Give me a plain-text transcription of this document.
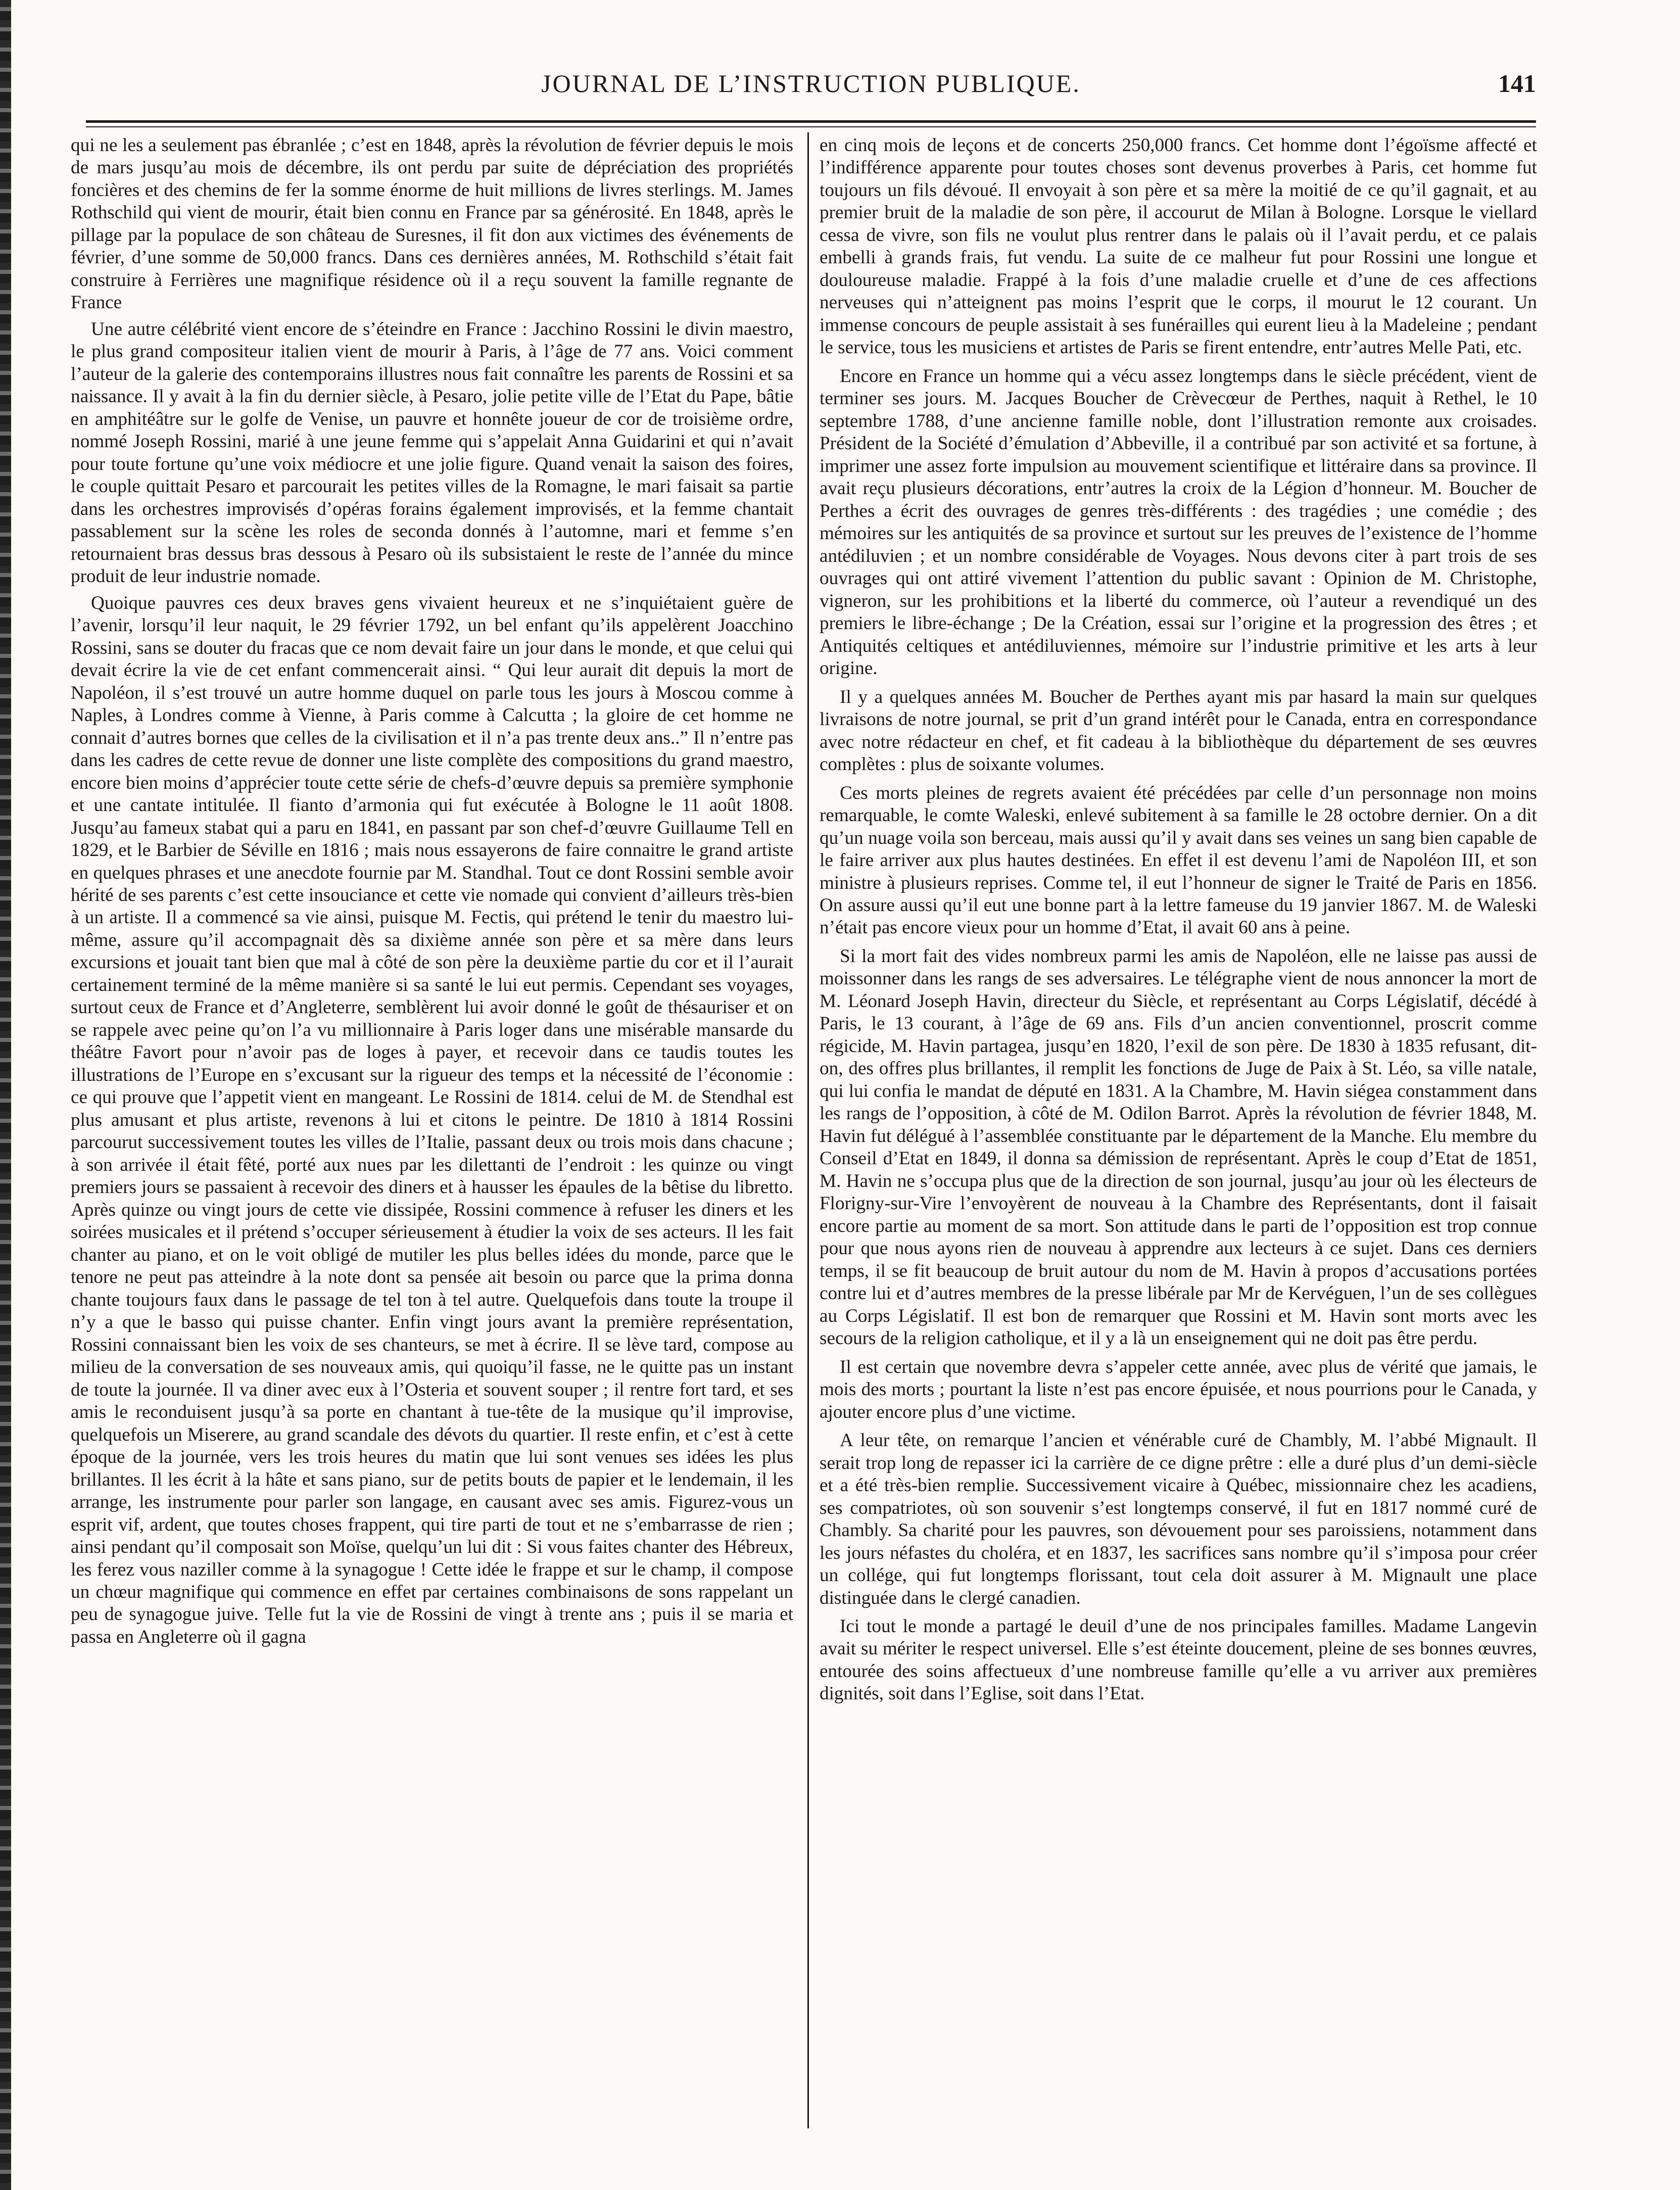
JOURNAL DE L’INSTRUCTION PUBLIQUE.	141

qui ne les a seulement pas ébranlée ; c’est en 1848, après la révolution de février depuis le mois de mars jusqu’au mois de décembre, ils ont perdu par suite de dépréciation des propriétés foncières et des chemins de fer la somme énorme de huit millions de livres sterlings. M. James Rothschild qui vient de mourir, était bien connu en France par sa générosité. En 1848, après le pillage par la populace de son château de Suresnes, il fit don aux victimes des événements de février, d’une somme de 50,000 francs. Dans ces dernières années, M. Rothschild s’était fait construire à Ferrières une magnifique résidence où il a reçu souvent la famille regnante de France

Une autre célébrité vient encore de s’éteindre en France : Jacchino Rossini le divin maestro, le plus grand compositeur italien vient de mourir à Paris, à l’âge de 77 ans. Voici comment l’auteur de la galerie des contemporains illustres nous fait connaître les parents de Rossini et sa naissance. Il y avait à la fin du dernier siècle, à Pesaro, jolie petite ville de l’Etat du Pape, bâtie en amphitéâtre sur le golfe de Venise, un pauvre et honnête joueur de cor de troisième ordre, nommé Joseph Rossini, marié à une jeune femme qui s’appelait Anna Guidarini et qui n’avait pour toute fortune qu’une voix médiocre et une jolie figure. Quand venait la saison des foires, le couple quittait Pesaro et parcourait les petites villes de la Romagne, le mari faisait sa partie dans les orchestres improvisés d’opéras forains également improvisés, et la femme chantait passablement sur la scène les roles de seconda donnés à l’automne, mari et femme s’en retournaient bras dessus bras dessous à Pesaro où ils subsistaient le reste de l’année du mince produit de leur industrie nomade.

Quoique pauvres ces deux braves gens vivaient heureux et ne s’inquiétaient guère de l’avenir, lorsqu’il leur naquit, le 29 février 1792, un bel enfant qu’ils appelèrent Joacchino Rossini, sans se douter du fracas que ce nom devait faire un jour dans le monde, et que celui qui devait écrire la vie de cet enfant commencerait ainsi. “ Qui leur aurait dit depuis la mort de Napoléon, il s’est trouvé un autre homme duquel on parle tous les jours à Moscou comme à Naples, à Londres comme à Vienne, à Paris comme à Calcutta ; la gloire de cet homme ne connait d’autres bornes que celles de la civilisation et il n’a pas trente deux ans..” Il n’entre pas dans les cadres de cette revue de donner une liste complète des compositions du grand maestro, encore bien moins d’apprécier toute cette série de chefs-d’œuvre depuis sa première symphonie et une cantate intitulée. Il fianto d’armonia qui fut exécutée à Bologne le 11 août 1808. Jusqu’au fameux stabat qui a paru en 1841, en passant par son chef-d’œuvre Guillaume Tell en 1829, et le Barbier de Séville en 1816 ; mais nous essayerons de faire connaitre le grand artiste en quelques phrases et une anecdote fournie par M. Standhal. Tout ce dont Rossini semble avoir hérité de ses parents c’est cette insouciance et cette vie nomade qui convient d’ailleurs très-bien à un artiste. Il a commencé sa vie ainsi, puisque M. Fectis, qui prétend le tenir du maestro lui-même, assure qu’il accompagnait dès sa dixième année son père et sa mère dans leurs excursions et jouait tant bien que mal à côté de son père la deuxième partie du cor et il l’aurait certainement terminé de la même manière si sa santé le lui eut permis. Cependant ses voyages, surtout ceux de France et d’Angleterre, semblèrent lui avoir donné le goût de thésauriser et on se rappele avec peine qu’on l’a vu millionnaire à Paris loger dans une misérable mansarde du théâtre Favort pour n’avoir pas de loges à payer, et recevoir dans ce taudis toutes les illustrations de l’Europe en s’excusant sur la rigueur des temps et la nécessité de l’économie : ce qui prouve que l’appetit vient en mangeant. Le Rossini de 1814. celui de M. de Stendhal est plus amusant et plus artiste, revenons à lui et citons le peintre. De 1810 à 1814 Rossini parcourut successivement toutes les villes de l’Italie, passant deux ou trois mois dans chacune ; à son arrivée il était fêté, porté aux nues par les dilettanti de l’endroit : les quinze ou vingt premiers jours se passaient à recevoir des diners et à hausser les épaules de la bêtise du libretto. Après quinze ou vingt jours de cette vie dissipée, Rossini commence à refuser les diners et les soirées musicales et il prétend s’occuper sérieusement à étudier la voix de ses acteurs. Il les fait chanter au piano, et on le voit obligé de mutiler les plus belles idées du monde, parce que le tenore ne peut pas atteindre à la note dont sa pensée ait besoin ou parce que la prima donna chante toujours faux dans le passage de tel ton à tel autre. Quelquefois dans toute la troupe il n’y a que le basso qui puisse chanter. Enfin vingt jours avant la première représentation, Rossini connaissant bien les voix de ses chanteurs, se met à écrire. Il se lève tard, compose au milieu de la conversation de ses nouveaux amis, qui quoiqu’il fasse, ne le quitte pas un instant de toute la journée. Il va diner avec eux à l’Osteria et souvent souper ; il rentre fort tard, et ses amis le reconduisent jusqu’à sa porte en chantant à tue-tête de la musique qu’il improvise, quelquefois un Miserere, au grand scandale des dévots du quartier. Il reste enfin, et c’est à cette époque de la journée, vers les trois heures du matin que lui sont venues ses idées les plus brillantes. Il les écrit à la hâte et sans piano, sur de petits bouts de papier et le lendemain, il les arrange, les instrumente pour parler son langage, en causant avec ses amis. Figurez-vous un esprit vif, ardent, que toutes choses frappent, qui tire parti de tout et ne s’embarrasse de rien ; ainsi pendant qu’il composait son Moïse, quelqu’un lui dit : Si vous faites chanter des Hébreux, les ferez vous naziller comme à la synagogue ! Cette idée le frappe et sur le champ, il compose un chœur magnifique qui commence en effet par certaines combinaisons de sons rappelant un peu de synagogue juive. Telle fut la vie de Rossini de vingt à trente ans ; puis il se maria et passa en Angleterre où il gagna

en cinq mois de leçons et de concerts 250,000 francs. Cet homme dont l’égoïsme affecté et l’indifférence apparente pour toutes choses sont devenus proverbes à Paris, cet homme fut toujours un fils dévoué. Il envoyait à son père et sa mère la moitié de ce qu’il gagnait, et au premier bruit de la maladie de son père, il accourut de Milan à Bologne. Lorsque le viellard cessa de vivre, son fils ne voulut plus rentrer dans le palais où il l’avait perdu, et ce palais embelli à grands frais, fut vendu. La suite de ce malheur fut pour Rossini une longue et douloureuse maladie. Frappé à la fois d’une maladie cruelle et d’une de ces affections nerveuses qui n’atteignent pas moins l’esprit que le corps, il mourut le 12 courant. Un immense concours de peuple assistait à ses funérailles qui eurent lieu à la Madeleine ; pendant le service, tous les musiciens et artistes de Paris se firent entendre, entr’autres Melle Pati, etc.

Encore en France un homme qui a vécu assez longtemps dans le siècle précédent, vient de terminer ses jours. M. Jacques Boucher de Crèvecœur de Perthes, naquit à Rethel, le 10 septembre 1788, d’une ancienne famille noble, dont l’illustration remonte aux croisades. Président de la Société d’émulation d’Abbeville, il a contribué par son activité et sa fortune, à imprimer une assez forte impulsion au mouvement scientifique et littéraire dans sa province. Il avait reçu plusieurs décorations, entr’autres la croix de la Légion d’honneur. M. Boucher de Perthes a écrit des ouvrages de genres très-différents : des tragédies ; une comédie ; des mémoires sur les antiquités de sa province et surtout sur les preuves de l’existence de l’homme antédiluvien ; et un nombre considérable de Voyages. Nous devons citer à part trois de ses ouvrages qui ont attiré vivement l’attention du public savant : Opinion de M. Christophe, vigneron, sur les prohibitions et la liberté du commerce, où l’auteur a revendiqué un des premiers le libre-échange ; De la Création, essai sur l’origine et la progression des êtres ; et Antiquités celtiques et antédiluviennes, mémoire sur l’industrie primitive et les arts à leur origine.

Il y a quelques années M. Boucher de Perthes ayant mis par hasard la main sur quelques livraisons de notre journal, se prit d’un grand intérêt pour le Canada, entra en correspondance avec notre rédacteur en chef, et fit cadeau à la bibliothèque du département de ses œuvres complètes : plus de soixante volumes.

Ces morts pleines de regrets avaient été précédées par celle d’un personnage non moins remarquable, le comte Waleski, enlevé subitement à sa famille le 28 octobre dernier. On a dit qu’un nuage voila son berceau, mais aussi qu’il y avait dans ses veines un sang bien capable de le faire arriver aux plus hautes destinées. En effet il est devenu l’ami de Napoléon III, et son ministre à plusieurs reprises. Comme tel, il eut l’honneur de signer le Traité de Paris en 1856. On assure aussi qu’il eut une bonne part à la lettre fameuse du 19 janvier 1867. M. de Waleski n’était pas encore vieux pour un homme d’Etat, il avait 60 ans à peine.

Si la mort fait des vides nombreux parmi les amis de Napoléon, elle ne laisse pas aussi de moissonner dans les rangs de ses adversaires. Le télégraphe vient de nous annoncer la mort de M. Léonard Joseph Havin, directeur du Siècle, et représentant au Corps Législatif, décédé à Paris, le 13 courant, à l’âge de 69 ans. Fils d’un ancien conventionnel, proscrit comme régicide, M. Havin partagea, jusqu’en 1820, l’exil de son père. De 1830 à 1835 refusant, dit-on, des offres plus brillantes, il remplit les fonctions de Juge de Paix à St. Léo, sa ville natale, qui lui confia le mandat de député en 1831. A la Chambre, M. Havin siégea constamment dans les rangs de l’opposition, à côté de M. Odilon Barrot. Après la révolution de février 1848, M. Havin fut délégué à l’assemblée constituante par le département de la Manche. Elu membre du Conseil d’Etat en 1849, il donna sa démission de représentant. Après le coup d’Etat de 1851, M. Havin ne s’occupa plus que de la direction de son journal, jusqu’au jour où les électeurs de Florigny-sur-Vire l’envoyèrent de nouveau à la Chambre des Représentants, dont il faisait encore partie au moment de sa mort. Son attitude dans le parti de l’opposition est trop connue pour que nous ayons rien de nouveau à apprendre aux lecteurs à ce sujet. Dans ces derniers temps, il se fit beaucoup de bruit autour du nom de M. Havin à propos d’accusations portées contre lui et d’autres membres de la presse libérale par Mr de Kervéguen, l’un de ses collègues au Corps Législatif. Il est bon de remarquer que Rossini et M. Havin sont morts avec les secours de la religion catholique, et il y a là un enseignement qui ne doit pas être perdu.

Il est certain que novembre devra s’appeler cette année, avec plus de vérité que jamais, le mois des morts ; pourtant la liste n’est pas encore épuisée, et nous pourrions pour le Canada, y ajouter encore plus d’une victime.

A leur tête, on remarque l’ancien et vénérable curé de Chambly, M. l’abbé Mignault. Il serait trop long de repasser ici la carrière de ce digne prêtre : elle a duré plus d’un demi-siècle et a été très-bien remplie. Successivement vicaire à Québec, missionnaire chez les acadiens, ses compatriotes, où son souvenir s’est longtemps conservé, il fut en 1817 nommé curé de Chambly. Sa charité pour les pauvres, son dévouement pour ses paroissiens, notamment dans les jours néfastes du choléra, et en 1837, les sacrifices sans nombre qu’il s’imposa pour créer un collége, qui fut longtemps florissant, tout cela doit assurer à M. Mignault une place distinguée dans le clergé canadien.

Ici tout le monde a partagé le deuil d’une de nos principales familles. Madame Langevin avait su mériter le respect universel. Elle s’est éteinte doucement, pleine de ses bonnes œuvres, entourée des soins affectueux d’une nombreuse famille qu’elle a vu arriver aux premières dignités, soit dans l’Eglise, soit dans l’Etat.
